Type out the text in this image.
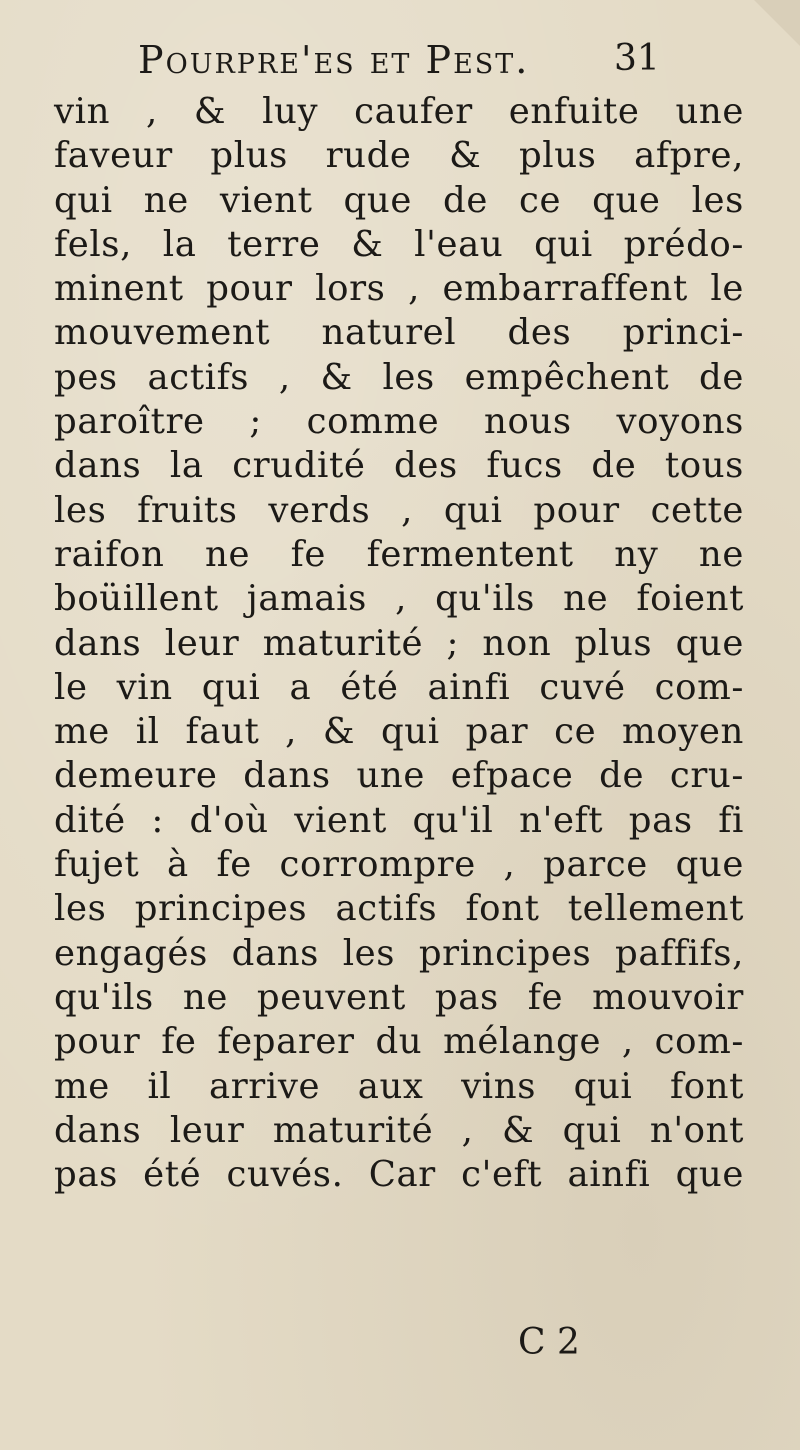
Pourpre'es et Pest. 31
vin , & luy caufer enfuite une
faveur plus rude & plus afpre,
qui ne vient que de ce que les
fels, la terre & l'eau qui prédo-
minent pour lors , embarraffent le
mouvement naturel des princi-
pes actifs , & les empêchent de
paroître ; comme nous voyons
dans la crudité des fucs de tous
les fruits verds , qui pour cette
raifon ne fe fermentent ny ne
boüillent jamais , qu'ils ne foient
dans leur maturité ; non plus que
le vin qui a été ainfi cuvé com-
me il faut , & qui par ce moyen
demeure dans une efpace de cru-
dité : d'où vient qu'il n'eft pas fi
fujet à fe corrompre , parce que
les principes actifs font tellement
engagés dans les principes paffifs,
qu'ils ne peuvent pas fe mouvoir
pour fe feparer du mélange , com-
me il arrive aux vins qui font
dans leur maturité , & qui n'ont
pas été cuvés. Car c'eft ainfi que
C 2
